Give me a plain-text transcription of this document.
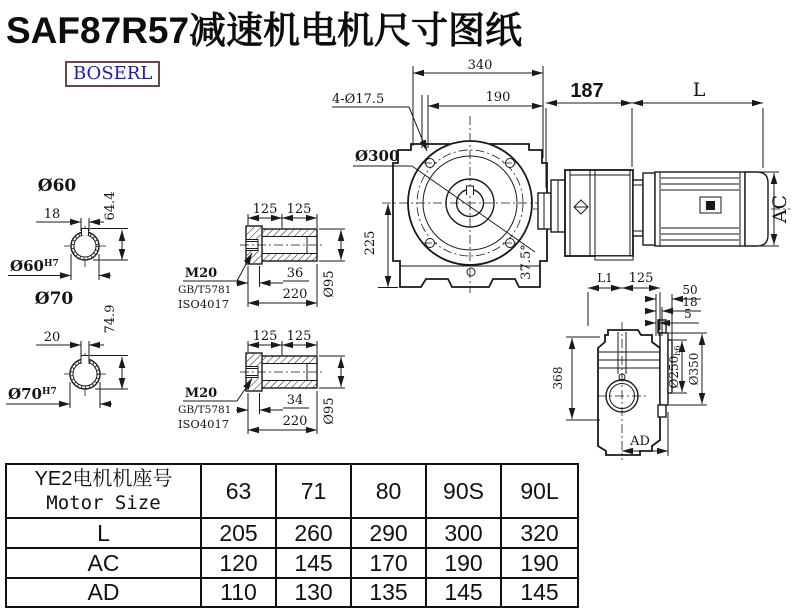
SAF87R57减速机电机尺寸图纸
BOSERL
Ø60
18	64.4
$Ø60^{H7}$
Ø70
20
74.9
$Ø70^{H7}$
125 125
36
220 Ø95
M20
GB/T5781
ISO4017
125 125
34
220 Ø95
M20
GB/T5781
ISO4017
340
190
4-Ø17.5
Ø300
225
37.5°
187	L
AC
L1 125
50
18
5
Ø250h6
Ø350
368
AD
YE2电机机座号
Motor Size	63	71	80	90S	90L
L	205	260	290	300	320
AC	120	145	170	190	190
AD	110	130	135	145	145
